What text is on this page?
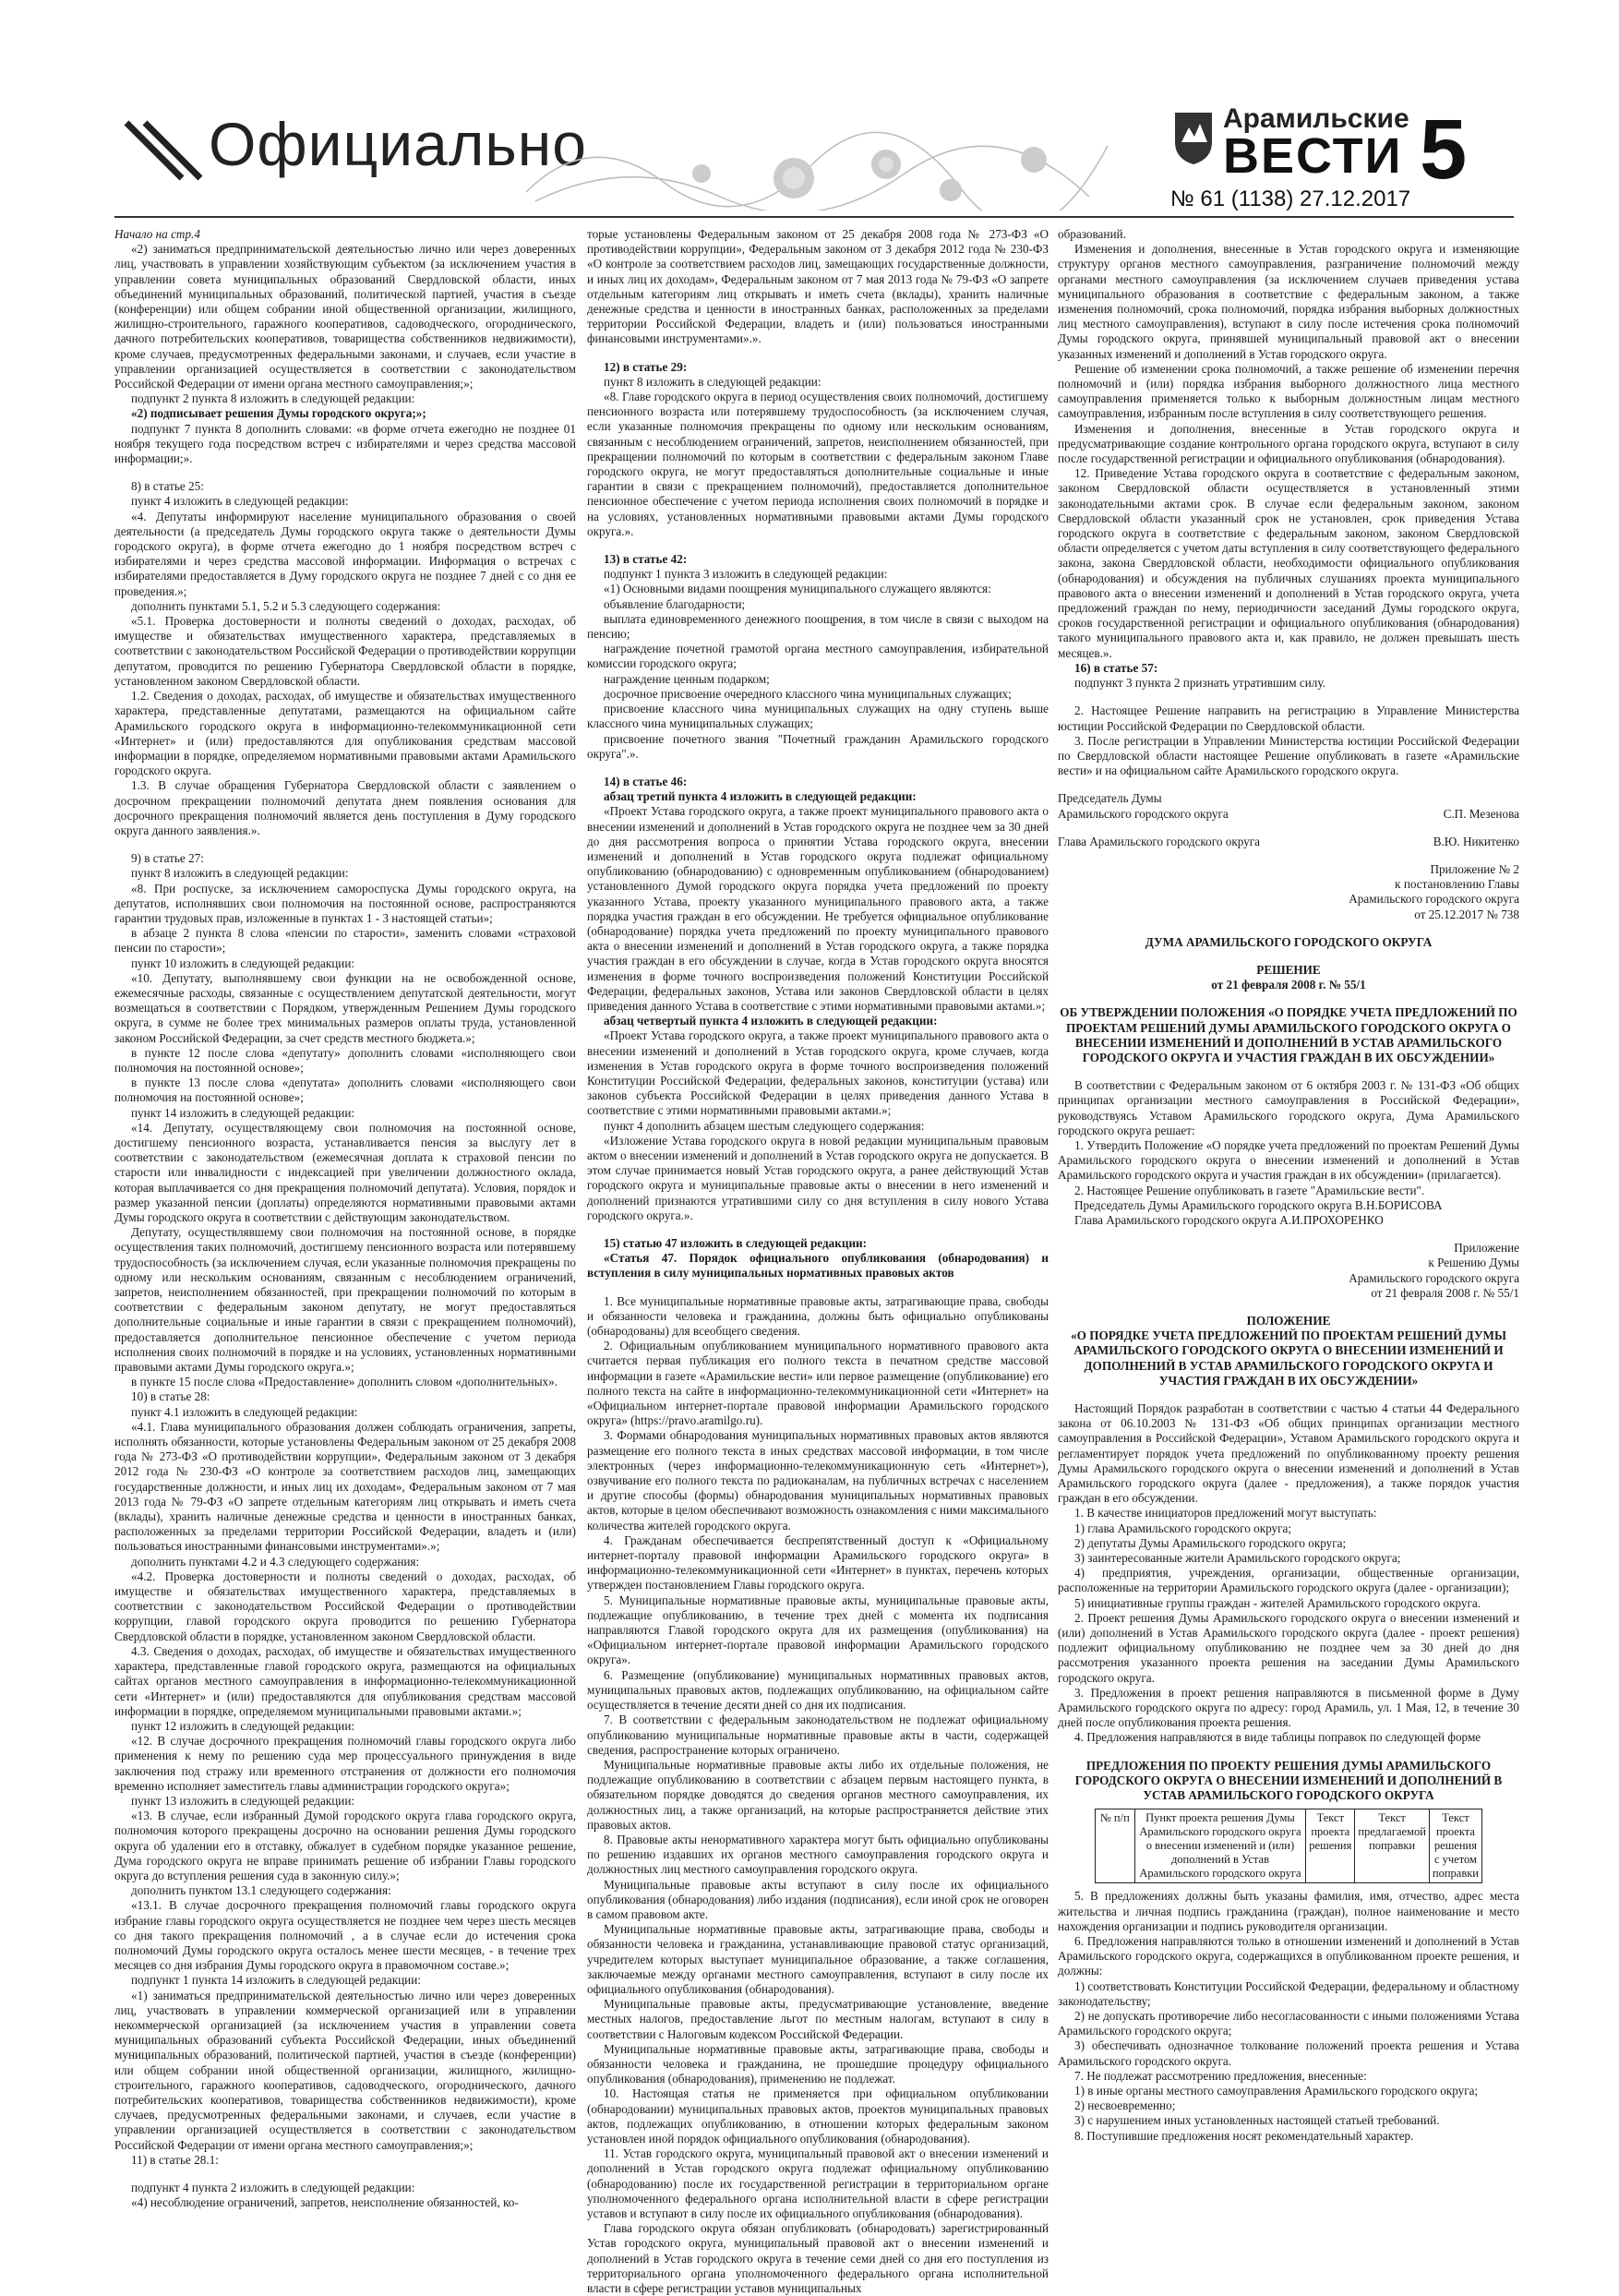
Официально	Арамильские
ВЕСТИ 5
№ 61 (1138) 27.12.2017

Начало на стр.4

«2) заниматься предпринимательской деятельностью лично или через доверенных лиц, участвовать в управлении хозяйствующим субъектом (за исключением участия в управлении совета муниципальных образований Свердловской области, иных объединений муниципальных образований, политической партией, участия в съезде (конференции) или общем собрании иной общественной организации, жилищного, жилищно-строительного, гаражного кооперативов, садоводческого, огороднического, дачного потребительских кооперативов, товарищества собственников недвижимости), кроме случаев, предусмотренных федеральными законами, и случаев, если участие в управлении организацией осуществляется в соответствии с законодательством Российской Федерации от имени органа местного самоуправления;»;

подпункт 2 пункта 8 изложить в следующей редакции:

«2) подписывает решения Думы городского округа;»;

подпункт 7 пункта 8 дополнить словами: «в форме отчета ежегодно не позднее 01 ноября текущего года посредством встреч с избирателями и через средства массовой информации;».

8) в статье 25:

пункт 4 изложить в следующей редакции:

«4. Депутаты информируют население муниципального образования о своей деятельности (а председатель Думы городского округа также о деятельности Думы городского округа), в форме отчета ежегодно до 1 ноября посредством встреч с избирателями и через средства массовой информации. Информация о встречах с избирателями предоставляется в Думу городского округа не позднее 7 дней с со дня ее проведения.»;

дополнить пунктами 5.1, 5.2 и 5.3 следующего содержания:

«5.1. Проверка достоверности и полноты сведений о доходах, расходах, об имуществе и обязательствах имущественного характера, представляемых в соответствии с законодательством Российской Федерации о противодействии коррупции депутатом, проводится по решению Губернатора Свердловской области в порядке, установленном законом Свердловской области.

1.2. Сведения о доходах, расходах, об имуществе и обязательствах имущественного характера, представленные депутатами, размещаются на официальном сайте Арамильского городского округа в информационно-телекоммуникационной сети «Интернет» и (или) предоставляются для опубликования средствам массовой информации в порядке, определяемом нормативными правовыми актами Арамильского городского округа.

1.3. В случае обращения Губернатора Свердловской области с заявлением о досрочном прекращении полномочий депутата днем появления основания для досрочного прекращения полномочий является день поступления в Думу городского округа данного заявления.».

9) в статье 27:

пункт 8 изложить в следующей редакции:

«8. При роспуске, за исключением самороспуска Думы городского округа, на депутатов, исполнявших свои полномочия на постоянной основе, распространяются гарантии трудовых прав, изложенные в пунктах 1 - 3 настоящей статьи»;

в абзаце 2 пункта 8 слова «пенсии по старости», заменить словами «страховой пенсии по старости»;

пункт 10 изложить в следующей редакции:

«10. Депутату, выполнявшему свои функции на не освобожденной основе, ежемесячные расходы, связанные с осуществлением депутатской деятельности, могут возмещаться в соответствии с Порядком, утвержденным Решением Думы городского округа, в сумме не более трех минимальных размеров оплаты труда, установленной законом Российской Федерации, за счет средств местного бюджета.»;

в пункте 12 после слова «депутату» дополнить словами «исполняющего свои полномочия на постоянной основе»;

в пункте 13 после слова «депутата» дополнить словами «исполняющего свои полномочия на постоянной основе»;

пункт 14 изложить в следующей редакции:

«14. Депутату, осуществляющему свои полномочия на постоянной основе, достигшему пенсионного возраста, устанавливается пенсия за выслугу лет в соответствии с законодательством (ежемесячная доплата к страховой пенсии по старости или инвалидности с индексацией при увеличении должностного оклада, которая выплачивается со дня прекращения полномочий депутата). Условия, порядок и размер указанной пенсии (доплаты) определяются нормативными правовыми актами Думы городского округа в соответствии с действующим законодательством.

Депутату, осуществлявшему свои полномочия на постоянной основе, в порядке осуществления таких полномочий, достигшему пенсионного возраста или потерявшему трудоспособность (за исключением случая, если указанные полномочия прекращены по одному или нескольким основаниям, связанным с несоблюдением ограничений, запретов, неисполнением обязанностей, при прекращении полномочий по которым в соответствии с федеральным законом депутату, не могут предоставляться дополнительные социальные и иные гарантии в связи с прекращением полномочий), предоставляется дополнительное пенсионное обеспечение с учетом периода исполнения своих полномочий в порядке и на условиях, установленных нормативными правовыми актами Думы городского округа.»;

в пункте 15 после слова «Предоставление» дополнить словом «дополнительных».

10) в статье 28:

пункт 4.1 изложить в следующей редакции:

«4.1. Глава муниципального образования должен соблюдать ограничения, запреты, исполнять обязанности, которые установлены Федеральным законом от 25 декабря 2008 года № 273-ФЗ «О противодействии коррупции», Федеральным законом от 3 декабря 2012 года № 230-ФЗ «О контроле за соответствием расходов лиц, замещающих государственные должности, и иных лиц их доходам», Федеральным законом от 7 мая 2013 года № 79-ФЗ «О запрете отдельным категориям лиц открывать и иметь счета (вклады), хранить наличные денежные средства и ценности в иностранных банках, расположенных за пределами территории Российской Федерации, владеть и (или) пользоваться иностранными финансовыми инструментами».»;

дополнить пунктами 4.2 и 4.3 следующего содержания:

«4.2. Проверка достоверности и полноты сведений о доходах, расходах, об имуществе и обязательствах имущественного характера, представляемых в соответствии с законодательством Российской Федерации о противодействии коррупции, главой городского округа проводится по решению Губернатора Свердловской области в порядке, установленном законом Свердловской области.

4.3. Сведения о доходах, расходах, об имуществе и обязательствах имущественного характера, представленные главой городского округа, размещаются на официальных сайтах органов местного самоуправления в информационно-телекоммуникационной сети «Интернет» и (или) предоставляются для опубликования средствам массовой информации в порядке, определяемом муниципальными правовыми актами.»;

пункт 12 изложить в следующей редакции:

«12. В случае досрочного прекращения полномочий главы городского округа либо применения к нему по решению суда мер процессуального принуждения в виде заключения под стражу или временного отстранения от должности его полномочия временно исполняет заместитель главы администрации городского округа»;

пункт 13 изложить в следующей редакции:

«13. В случае, если избранный Думой городского округа глава городского округа, полномочия которого прекращены досрочно на основании решения Думы городского округа об удалении его в отставку, обжалует в судебном порядке указанное решение, Дума городского округа не вправе принимать решение об избрании Главы городского округа до вступления решения суда в законную силу.»;

дополнить пунктом 13.1 следующего содержания:

«13.1. В случае досрочного прекращения полномочий главы городского округа избрание главы городского округа осуществляется не позднее чем через шесть месяцев со дня такого прекращения полномочий , а в случае если до истечения срока полномочий Думы городского округа осталось менее шести месяцев, - в течение трех месяцев со дня избрания Думы городского округа в правомочном составе.»;

подпункт 1 пункта 14 изложить в следующей редакции:

«1) заниматься предпринимательской деятельностью лично или через доверенных лиц, участвовать в управлении коммерческой организацией или в управлении некоммерческой организацией (за исключением участия в управлении совета муниципальных образований субъекта Российской Федерации, иных объединений муниципальных образований, политической партией, участия в съезде (конференции) или общем собрании иной общественной организации, жилищного, жилищно-строительного, гаражного кооперативов, садоводческого, огороднического, дачного потребительских кооперативов, товарищества собственников недвижимости), кроме случаев, предусмотренных федеральными законами, и случаев, если участие в управлении организацией осуществляется в соответствии с законодательством Российской Федерации от имени органа местного самоуправления;»;

11) в статье 28.1:

подпункт 4 пункта 2 изложить в следующей редакции:

«4) несоблюдение ограничений, запретов, неисполнение обязанностей, ко-

торые установлены Федеральным законом от 25 декабря 2008 года № 273-ФЗ «О противодействии коррупции», Федеральным законом от 3 декабря 2012 года № 230-ФЗ «О контроле за соответствием расходов лиц, замещающих государственные должности, и иных лиц их доходам», Федеральным законом от 7 мая 2013 года № 79-ФЗ «О запрете отдельным категориям лиц открывать и иметь счета (вклады), хранить наличные денежные средства и ценности в иностранных банках, расположенных за пределами территории Российской Федерации, владеть и (или) пользоваться иностранными финансовыми инструментами».».

12) в статье 29:

пункт 8 изложить в следующей редакции:

«8. Главе городского округа в период осуществления своих полномочий, достигшему пенсионного возраста или потерявшему трудоспособность (за исключением случая, если указанные полномочия прекращены по одному или нескольким основаниям, связанным с несоблюдением ограничений, запретов, неисполнением обязанностей, при прекращении полномочий по которым в соответствии с федеральным законом Главе городского округа, не могут предоставляться дополнительные социальные и иные гарантии в связи с прекращением полномочий), предоставляется дополнительное пенсионное обеспечение с учетом периода исполнения своих полномочий в порядке и на условиях, установленных нормативными правовыми актами Думы городского округа.».

13) в статье 42:

подпункт 1 пункта 3 изложить в следующей редакции:

«1) Основными видами поощрения муниципального служащего являются:

объявление благодарности;

выплата единовременного денежного поощрения, в том числе в связи с выходом на пенсию;

награждение почетной грамотой органа местного самоуправления, избирательной комиссии городского округа;

награждение ценным подарком;

досрочное присвоение очередного классного чина муниципальных служащих;

присвоение классного чина муниципальных служащих на одну ступень выше классного чина муниципальных служащих;

присвоение почетного звания "Почетный гражданин Арамильского городского округа".».

14) в статье 46:

абзац третий пункта 4 изложить в следующей редакции:

«Проект Устава городского округа, а также проект муниципального правового акта о внесении изменений и дополнений в Устав городского округа не позднее чем за 30 дней до дня рассмотрения вопроса о принятии Устава городского округа, внесении изменений и дополнений в Устав городского округа подлежат официальному опубликованию (обнародованию) с одновременным опубликованием (обнародованием) установленного Думой городского округа порядка учета предложений по проекту указанного Устава, проекту указанного муниципального правового акта, а также порядка участия граждан в его обсуждении. Не требуется официальное опубликование (обнародование) порядка учета предложений по проекту муниципального правового акта о внесении изменений и дополнений в Устав городского округа, а также порядка участия граждан в его обсуждении в случае, когда в Устав городского округа вносятся изменения в форме точного воспроизведения положений Конституции Российской Федерации, федеральных законов, Устава или законов Свердловской области в целях приведения данного Устава в соответствие с этими нормативными правовыми актами.»;

абзац четвертый пункта 4 изложить в следующей редакции:

«Проект Устава городского округа, а также проект муниципального правового акта о внесении изменений и дополнений в Устав городского округа, кроме случаев, когда изменения в Устав городского округа в форме точного воспроизведения положений Конституции Российской Федерации, федеральных законов, конституции (устава) или законов субъекта Российской Федерации в целях приведения данного Устава в соответствие с этими нормативными правовыми актами.»;

пункт 4 дополнить абзацем шестым следующего содержания:

«Изложение Устава городского округа в новой редакции муниципальным правовым актом о внесении изменений и дополнений в Устав городского округа не допускается. В этом случае принимается новый Устав городского округа, а ранее действующий Устав городского округа и муниципальные правовые акты о внесении в него изменений и дополнений признаются утратившими силу со дня вступления в силу нового Устава городского округа.».

15) статью 47 изложить в следующей редакции:

«Статья 47. Порядок официального опубликования (обнародования) и вступления в силу муниципальных нормативных правовых актов

1. Все муниципальные нормативные правовые акты, затрагивающие права, свободы и обязанности человека и гражданина, должны быть официально опубликованы (обнародованы) для всеобщего сведения.

2. Официальным опубликованием муниципального нормативного правового акта считается первая публикация его полного текста в печатном средстве массовой информации в газете «Арамильские вести» или первое размещение (опубликование) его полного текста на сайте в информационно-телекоммуникационной сети «Интернет» на «Официальном интернет-портале правовой информации Арамильского городского округа» (https://pravo.aramilgo.ru).

3. Формами обнародования муниципальных нормативных правовых актов являются размещение его полного текста в иных средствах массовой информации, в том числе электронных (через информационно-телекоммуникационную сеть «Интернет»), озвучивание его полного текста по радиоканалам, на публичных встречах с населением и другие способы (формы) обнародования муниципальных нормативных правовых актов, которые в целом обеспечивают возможность ознакомления с ними максимального количества жителей городского округа.

4. Гражданам обеспечивается беспрепятственный доступ к «Официальному интернет-порталу правовой информации Арамильского городского округа» в информационно-телекоммуникационной сети «Интернет» в пунктах, перечень которых утвержден постановлением Главы городского округа.

5. Муниципальные нормативные правовые акты, муниципальные правовые акты, подлежащие опубликованию, в течение трех дней с момента их подписания направляются Главой городского округа для их размещения (опубликования) на «Официальном интернет-портале правовой информации Арамильского городского округа».

6. Размещение (опубликование) муниципальных нормативных правовых актов, муниципальных правовых актов, подлежащих опубликованию, на официальном сайте осуществляется в течение десяти дней со дня их подписания.

7. В соответствии с федеральным законодательством не подлежат официальному опубликованию муниципальные нормативные правовые акты в части, содержащей сведения, распространение которых ограничено.

Муниципальные нормативные правовые акты либо их отдельные положения, не подлежащие опубликованию в соответствии с абзацем первым настоящего пункта, в обязательном порядке доводятся до сведения органов местного самоуправления, их должностных лиц, а также организаций, на которые распространяется действие этих правовых актов.

8. Правовые акты ненормативного характера могут быть официально опубликованы по решению издавших их органов местного самоуправления городского округа и должностных лиц местного самоуправления городского округа.

Муниципальные правовые акты вступают в силу после их официального опубликования (обнародования) либо издания (подписания), если иной срок не оговорен в самом правовом акте.

Муниципальные нормативные правовые акты, затрагивающие права, свободы и обязанности человека и гражданина, устанавливающие правовой статус организаций, учредителем которых выступает муниципальное образование, а также соглашения, заключаемые между органами местного самоуправления, вступают в силу после их официального опубликования (обнародования).

Муниципальные правовые акты, предусматривающие установление, введение местных налогов, предоставление льгот по местным налогам, вступают в силу в соответствии с Налоговым кодексом Российской Федерации.

Муниципальные нормативные правовые акты, затрагивающие права, свободы и обязанности человека и гражданина, не прошедшие процедуру официального опубликования (обнародования), применению не подлежат.

10. Настоящая статья не применяется при официальном опубликовании (обнародовании) муниципальных правовых актов, проектов муниципальных правовых актов, подлежащих опубликованию, в отношении которых федеральным законом установлен иной порядок официального опубликования (обнародования).

11. Устав городского округа, муниципальный правовой акт о внесении изменений и дополнений в Устав городского округа подлежат официальному опубликованию (обнародованию) после их государственной регистрации в территориальном органе уполномоченного федерального органа исполнительной власти в сфере регистрации уставов и вступают в силу после их официального опубликования (обнародования).

Глава городского округа обязан опубликовать (обнародовать) зарегистрированный Устав городского округа, муниципальный правовой акт о внесении изменений и дополнений в Устав городского округа в течение семи дней со дня его поступления из территориального органа уполномоченного федерального органа исполнительной власти в сфере регистрации уставов муниципальных

образований.

Изменения и дополнения, внесенные в Устав городского округа и изменяющие структуру органов местного самоуправления, разграничение полномочий между органами местного самоуправления (за исключением случаев приведения устава муниципального образования в соответствие с федеральным законом, а также изменения полномочий, срока полномочий, порядка избрания выборных должностных лиц местного самоуправления), вступают в силу после истечения срока полномочий Думы городского округа, принявшей муниципальный правовой акт о внесении указанных изменений и дополнений в Устав городского округа.

Решение об изменении срока полномочий, а также решение об изменении перечня полномочий и (или) порядка избрания выборного должностного лица местного самоуправления применяется только к выборным должностным лицам местного самоуправления, избранным после вступления в силу соответствующего решения.

Изменения и дополнения, внесенные в Устав городского округа и предусматривающие создание контрольного органа городского округа, вступают в силу после государственной регистрации и официального опубликования (обнародования).

12. Приведение Устава городского округа в соответствие с федеральным законом, законом Свердловской области осуществляется в установленный этими законодательными актами срок. В случае если федеральным законом, законом Свердловской области указанный срок не установлен, срок приведения Устава городского округа в соответствие с федеральным законом, законом Свердловской области определяется с учетом даты вступления в силу соответствующего федерального закона, закона Свердловской области, необходимости официального опубликования (обнародования) и обсуждения на публичных слушаниях проекта муниципального правового акта о внесении изменений и дополнений в Устав городского округа, учета предложений граждан по нему, периодичности заседаний Думы городского округа, сроков государственной регистрации и официального опубликования (обнародования) такого муниципального правового акта и, как правило, не должен превышать шесть месяцев.».

16) в статье 57:

подпункт 3 пункта 2 признать утратившим силу.

2. Настоящее Решение направить на регистрацию в Управление Министерства юстиции Российской Федерации по Свердловской области.

3. После регистрации в Управлении Министерства юстиции Российской Федерации по Свердловской области настоящее Решение опубликовать в газете «Арамильские вести» и на официальном сайте Арамильского городского округа.

Председатель Думы
Арамильского городского округа	С.П. Мезенова
Глава Арамильского городского округа	В.Ю. Никитенко

Приложение № 2

к постановлению Главы

Арамильского городского округа

от 25.12.2017 № 738

ДУМА АРАМИЛЬСКОГО ГОРОДСКОГО ОКРУГА

РЕШЕНИЕ

от 21 февраля 2008 г. № 55/1

ОБ УТВЕРЖДЕНИИ ПОЛОЖЕНИЯ «О ПОРЯДКЕ УЧЕТА ПРЕДЛОЖЕНИЙ ПО ПРОЕКТАМ РЕШЕНИЙ ДУМЫ АРАМИЛЬСКОГО ГОРОДСКОГО ОКРУГА О ВНЕСЕНИИ ИЗМЕНЕНИЙ И ДОПОЛНЕНИЙ В УСТАВ АРАМИЛЬСКОГО ГОРОДСКОГО ОКРУГА И УЧАСТИЯ ГРАЖДАН В ИХ ОБСУЖДЕНИИ»

В соответствии с Федеральным законом от 6 октября 2003 г. № 131-ФЗ «Об общих принципах организации местного самоуправления в Российской Федерации», руководствуясь Уставом Арамильского городского округа, Дума Арамильского городского округа решает:

1. Утвердить Положение «О порядке учета предложений по проектам Решений Думы Арамильского городского округа о внесении изменений и дополнений в Устав Арамильского городского округа и участия граждан в их обсуждении» (прилагается).

2. Настоящее Решение опубликовать в газете "Арамильские вести".

Председатель Думы Арамильского городского округа В.Н.БОРИСОВА

Глава Арамильского городского округа А.И.ПРОХОРЕНКО

Приложение

к Решению Думы

Арамильского городского округа

от 21 февраля 2008 г. № 55/1

ПОЛОЖЕНИЕ

«О ПОРЯДКЕ УЧЕТА ПРЕДЛОЖЕНИЙ ПО ПРОЕКТАМ РЕШЕНИЙ ДУМЫ АРАМИЛЬСКОГО ГОРОДСКОГО ОКРУГА О ВНЕСЕНИИ ИЗМЕНЕНИЙ И ДОПОЛНЕНИЙ В УСТАВ АРАМИЛЬСКОГО ГОРОДСКОГО ОКРУГА И УЧАСТИЯ ГРАЖДАН В ИХ ОБСУЖДЕНИИ»

Настоящий Порядок разработан в соответствии с частью 4 статьи 44 Федерального закона от 06.10.2003 № 131-ФЗ «Об общих принципах организации местного самоуправления в Российской Федерации», Уставом Арамильского городского округа и регламентирует порядок учета предложений по опубликованному проекту решения Думы Арамильского городского округа о внесении изменений и дополнений в Устав Арамильского городского округа (далее - предложения), а также порядок участия граждан в его обсуждении.

1. В качестве инициаторов предложений могут выступать:

1) глава Арамильского городского округа;

2) депутаты Думы Арамильского городского округа;

3) заинтересованные жители Арамильского городского округа;

4) предприятия, учреждения, организации, общественные организации, расположенные на территории Арамильского городского округа (далее - организации);

5) инициативные группы граждан - жителей Арамильского городского округа.

2. Проект решения Думы Арамильского городского округа о внесении изменений и (или) дополнений в Устав Арамильского городского округа (далее - проект решения) подлежит официальному опубликованию не позднее чем за 30 дней до дня рассмотрения указанного проекта решения на заседании Думы Арамильского городского округа.

3. Предложения в проект решения направляются в письменной форме в Думу Арамильского городского округа по адресу: город Арамиль, ул. 1 Мая, 12, в течение 30 дней после опубликования проекта решения.

4. Предложения направляются в виде таблицы поправок по следующей форме

ПРЕДЛОЖЕНИЯ ПО ПРОЕКТУ РЕШЕНИЯ ДУМЫ АРАМИЛЬСКОГО ГОРОДСКОГО ОКРУГА О ВНЕСЕНИИ ИЗМЕНЕНИЙ И ДОПОЛНЕНИЙ В УСТАВ АРАМИЛЬСКОГО ГОРОДСКОГО ОКРУГА

№ п/п	Пункт проекта решения Думы Арамильского городского округа о внесении изменений и (или) дополнений в Устав Арамильского городского округа	Текст проекта решения	Текст предлагаемой поправки	Текст проекта решения с учетом поправки

5. В предложениях должны быть указаны фамилия, имя, отчество, адрес места жительства и личная подпись гражданина (граждан), полное наименование и место нахождения организации и подпись руководителя организации.

6. Предложения направляются только в отношении изменений и дополнений в Устав Арамильского городского округа, содержащихся в опубликованном проекте решения, и должны:

1) соответствовать Конституции Российской Федерации, федеральному и областному законодательству;

2) не допускать противоречие либо несогласованности с иными положениями Устава Арамильского городского округа;

3) обеспечивать однозначное толкование положений проекта решения и Устава Арамильского городского округа.

7. Не подлежат рассмотрению предложения, внесенные:

1) в иные органы местного самоуправления Арамильского городского округа;

2) несвоевременно;

3) с нарушением иных установленных настоящей статьей требований.

8. Поступившие предложения носят рекомендательный характер.
